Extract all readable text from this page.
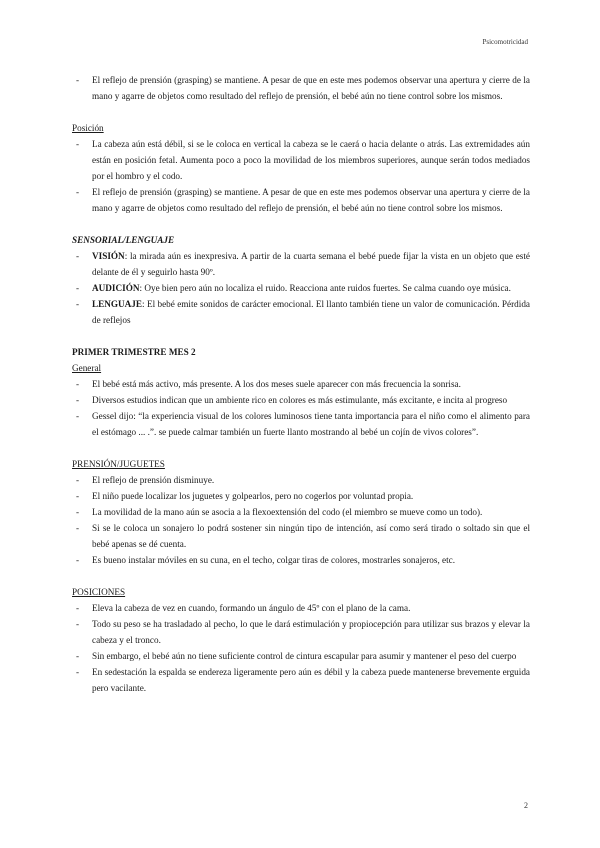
Psicomotricidad
- El reflejo de prensión (grasping) se mantiene. A pesar de que en este mes podemos observar una apertura y cierre de la mano y agarre de objetos como resultado del reflejo de prensión, el bebé aún no tiene control sobre los mismos.
Posición
- La cabeza aún está débil, si se le coloca en vertical la cabeza se le caerá o hacia delante o atrás. Las extremidades aún están en posición fetal. Aumenta poco a poco la movilidad de los miembros superiores, aunque serán todos mediados por el hombro y el codo.
- El reflejo de prensión (grasping) se mantiene. A pesar de que en este mes podemos observar una apertura y cierre de la mano y agarre de objetos como resultado del reflejo de prensión, el bebé aún no tiene control sobre los mismos.
SENSORIAL/LENGUAJE
- VISIÓN: la mirada aún es inexpresiva. A partir de la cuarta semana el bebé puede fijar la vista en un objeto que esté delante de él y seguirlo hasta 90º.
- AUDICIÓN: Oye bien pero aún no localiza el ruido. Reacciona ante ruidos fuertes. Se calma cuando oye música.
- LENGUAJE: El bebé emite sonidos de carácter emocional. El llanto también tiene un valor de comunicación. Pérdida de reflejos
PRIMER TRIMESTRE MES 2
General
- El bebé está más activo, más presente. A los dos meses suele aparecer con más frecuencia la sonrisa.
- Diversos estudios indican que un ambiente rico en colores es más estimulante, más excitante, e incita al progreso
- Gessel dijo: “la experiencia visual de los colores luminosos tiene tanta importancia para el niño como el alimento para el estómago ... .”. se puede calmar también un fuerte llanto mostrando al bebé un cojín de vivos colores”.
PRENSIÓN/JUGUETES
- El reflejo de prensión disminuye.
- El niño puede localizar los juguetes y golpearlos, pero no cogerlos por voluntad propia.
- La movilidad de la mano aún se asocia a la flexoextensión del codo (el miembro se mueve como un todo).
- Si se le coloca un sonajero lo podrá sostener sin ningún tipo de intención, así como será tirado o soltado sin que el bebé apenas se dé cuenta.
- Es bueno instalar móviles en su cuna, en el techo, colgar tiras de colores, mostrarles sonajeros, etc.
POSICIONES
- Eleva la cabeza de vez en cuando, formando un ángulo de 45º con el plano de la cama.
- Todo su peso se ha trasladado al pecho, lo que le dará estimulación y propiocepción para utilizar sus brazos y elevar la cabeza y el tronco.
- Sin embargo, el bebé aún no tiene suficiente control de cintura escapular para asumir y mantener el peso del cuerpo
- En sedestación la espalda se endereza ligeramente pero aún es débil y la cabeza puede mantenerse brevemente erguida pero vacilante.
2
